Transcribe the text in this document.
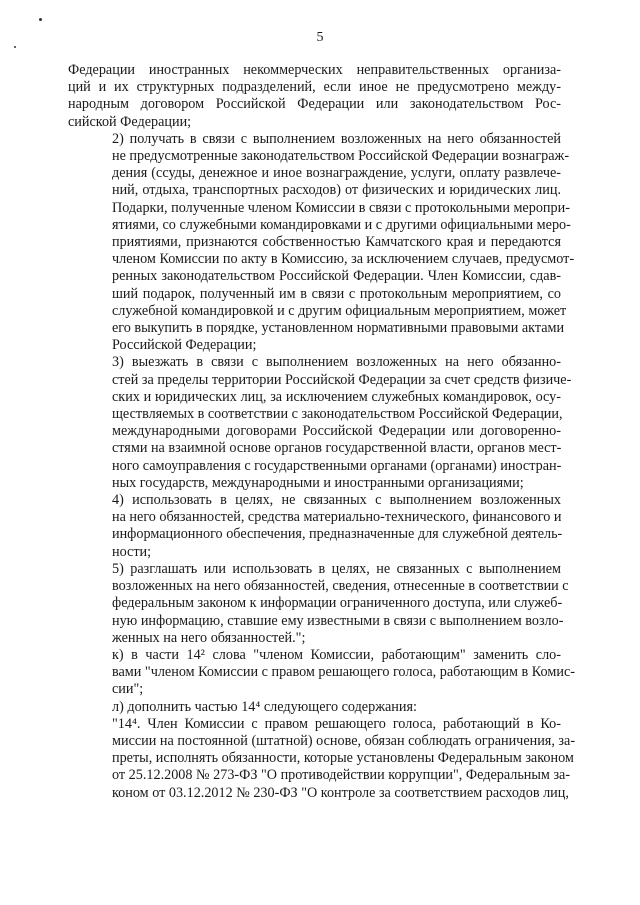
5

Федерации иностранных некоммерческих неправительственных организа-
ций и их структурных подразделений, если иное не предусмотрено между-
народным договором Российской Федерации или законодательством Рос-
сийской Федерации;

2) получать в связи с выполнением возложенных на него обязанностей
не предусмотренные законодательством Российской Федерации вознаграж-
дения (ссуды, денежное и иное вознаграждение, услуги, оплату развлече-
ний, отдыха, транспортных расходов) от физических и юридических лиц.
Подарки, полученные членом Комиссии в связи с протокольными меропри-
ятиями, со служебными командировками и с другими официальными меро-
приятиями, признаются собственностью Камчатского края и передаются
членом Комиссии по акту в Комиссию, за исключением случаев, предусмот-
ренных законодательством Российской Федерации. Член Комиссии, сдав-
ший подарок, полученный им в связи с протокольным мероприятием, со
служебной командировкой и с другим официальным мероприятием, может
его выкупить в порядке, установленном нормативными правовыми актами
Российской Федерации;

3) выезжать в связи с выполнением возложенных на него обязанно-
стей за пределы территории Российской Федерации за счет средств физиче-
ских и юридических лиц, за исключением служебных командировок, осу-
ществляемых в соответствии с законодательством Российской Федерации,
международными договорами Российской Федерации или договоренно-
стями на взаимной основе органов государственной власти, органов мест-
ного самоуправления с государственными органами (органами) иностран-
ных государств, международными и иностранными организациями;

4) использовать в целях, не связанных с выполнением возложенных
на него обязанностей, средства материально-технического, финансового и
информационного обеспечения, предназначенные для служебной деятель-
ности;

5) разглашать или использовать в целях, не связанных с выполнением
возложенных на него обязанностей, сведения, отнесенные в соответствии с
федеральным законом к информации ограниченного доступа, или служеб-
ную информацию, ставшие ему известными в связи с выполнением возло-
женных на него обязанностей.";

к) в части 14² слова "членом Комиссии, работающим" заменить сло-
вами "членом Комиссии с правом решающего голоса, работающим в Комис-
сии";

л) дополнить частью 14⁴ следующего содержания:

"14⁴. Член Комиссии с правом решающего голоса, работающий в Ко-
миссии на постоянной (штатной) основе, обязан соблюдать ограничения, за-
преты, исполнять обязанности, которые установлены Федеральным законом
от 25.12.2008 № 273-ФЗ "О противодействии коррупции", Федеральным за-
коном от 03.12.2012 № 230-ФЗ "О контроле за соответствием расходов лиц,
